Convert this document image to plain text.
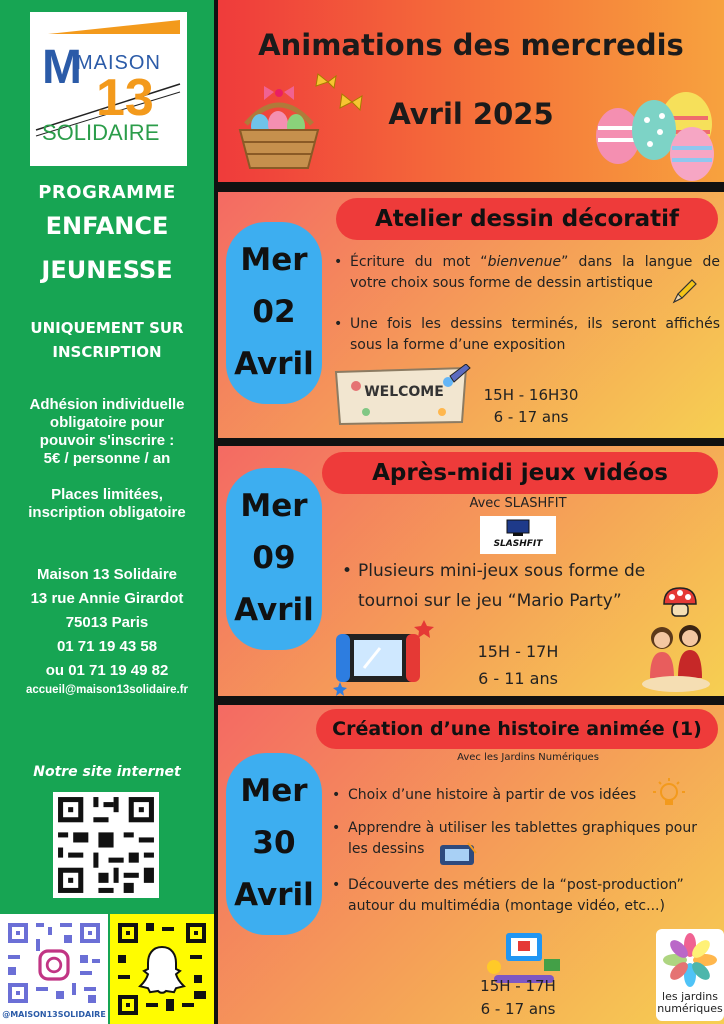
M
MAISON
13
SOLIDAIRE
PROGRAMME
ENFANCE
JEUNESSE
UNIQUEMENT SUR
INSCRIPTION
Adhésion individuelle
obligatoire pour
pouvoir s'inscrire :
5€ / personne / an
Places limitées,
inscription obligatoire
Maison 13 Solidaire
13 rue Annie Girardot
75013 Paris
01 71 19 43 58
ou 01 71 19 49 82
accueil@maison13solidaire.fr
Notre site internet
@MAISON13SOLIDAIRE
Animations des mercredis
Avril 2025
Atelier dessin décoratif
Mer
02
Avril
• Écriture du mot “bienvenue” dans la langue de votre choix sous forme de dessin artistique
• Une fois les dessins terminés, ils seront affichés sous la forme d’une exposition
WELCOME	15H - 16H30
6 - 17 ans
Après-midi jeux vidéos
Avec SLASHFIT
SLASHFIT
Mer
09
Avril
• Plusieurs mini-jeux sous forme de tournoi sur le jeu “Mario Party”
15H - 17H
6 - 11 ans
Création d’une histoire animée (1)
Avec les Jardins Numériques
Mer
30
Avril
• Choix d’une histoire à partir de vos idées
• Apprendre à utiliser les tablettes graphiques pour les dessins
• Découverte des métiers de la “post-production” autour du multimédia (montage vidéo, etc...)
15H - 17H
6 - 17 ans
les jardins
numériques
